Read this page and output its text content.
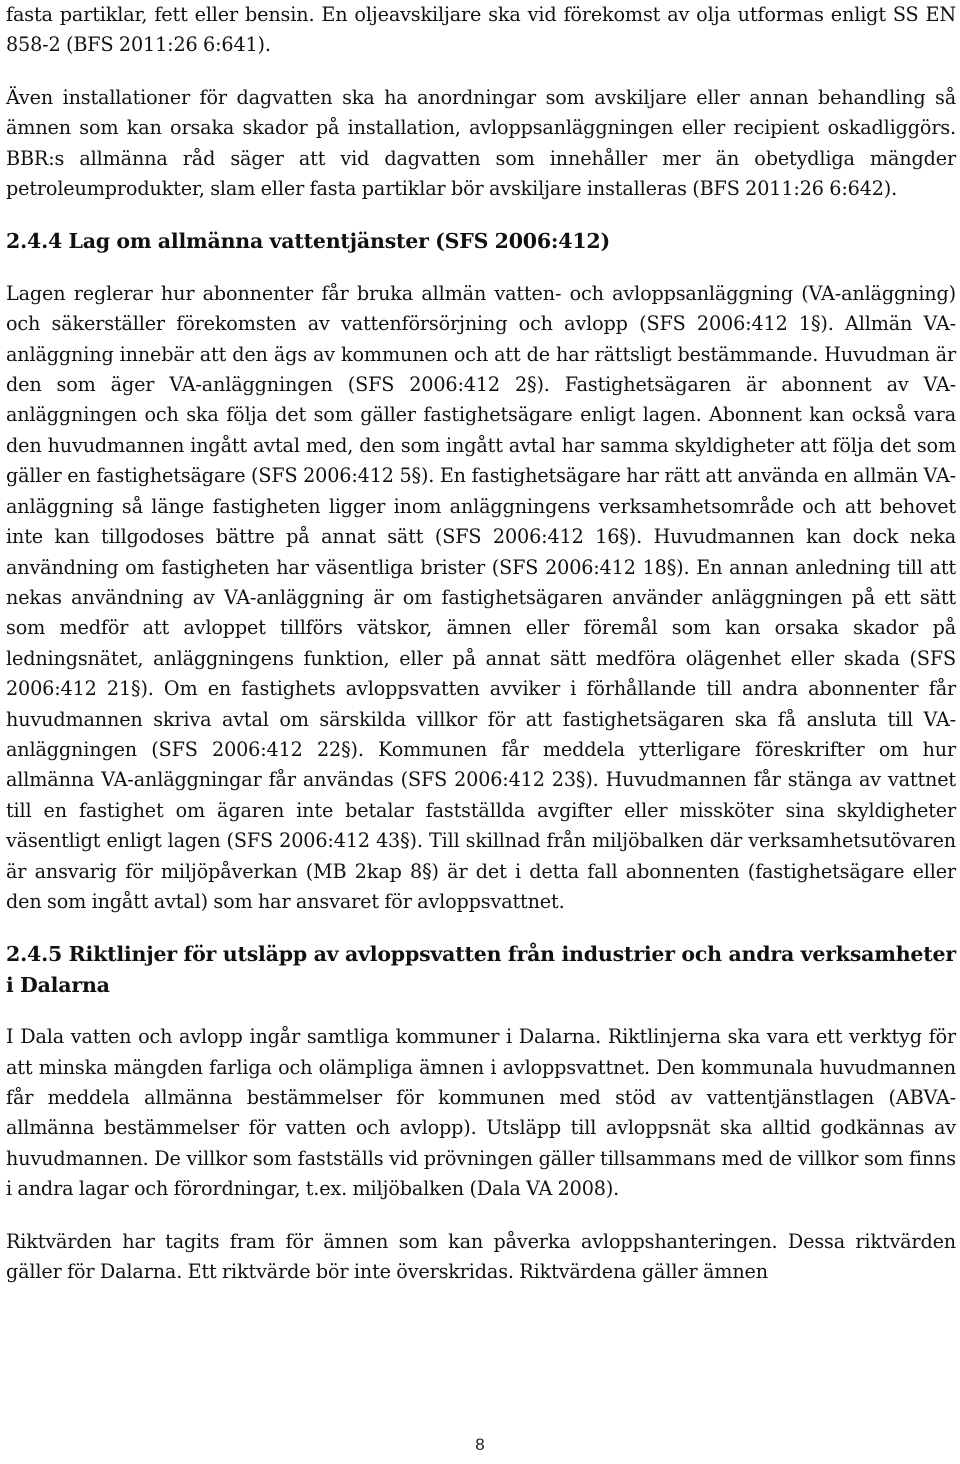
fasta partiklar, fett eller bensin. En oljeavskiljare ska vid förekomst av olja utformas enligt SS EN 858-2 (BFS 2011:26 6:641).

Även installationer för dagvatten ska ha anordningar som avskiljare eller annan behandling så ämnen som kan orsaka skador på installation, avloppsanläggningen eller recipient oskadliggörs. BBR:s allmänna råd säger att vid dagvatten som innehåller mer än obetydliga mängder petroleumprodukter, slam eller fasta partiklar bör avskiljare installeras (BFS 2011:26 6:642).

2.4.4 Lag om allmänna vattentjänster (SFS 2006:412)

Lagen reglerar hur abonnenter får bruka allmän vatten- och avloppsanläggning (VA-anläggning) och säkerställer förekomsten av vattenförsörjning och avlopp (SFS 2006:412 1§). Allmän VA-anläggning innebär att den ägs av kommunen och att de har rättsligt bestämmande. Huvudman är den som äger VA-anläggningen (SFS 2006:412 2§). Fastighetsägaren är abonnent av VA-anläggningen och ska följa det som gäller fastighetsägare enligt lagen. Abonnent kan också vara den huvudmannen ingått avtal med, den som ingått avtal har samma skyldigheter att följa det som gäller en fastighetsägare (SFS 2006:412 5§). En fastighetsägare har rätt att använda en allmän VA-anläggning så länge fastigheten ligger inom anläggningens verksamhetsområde och att behovet inte kan tillgodoses bättre på annat sätt (SFS 2006:412 16§). Huvudmannen kan dock neka användning om fastigheten har väsentliga brister (SFS 2006:412 18§). En annan anledning till att nekas användning av VA-anläggning är om fastighetsägaren använder anläggningen på ett sätt som medför att avloppet tillförs vätskor, ämnen eller föremål som kan orsaka skador på ledningsnätet, anläggningens funktion, eller på annat sätt medföra olägenhet eller skada (SFS 2006:412 21§). Om en fastighets avloppsvatten avviker i förhållande till andra abonnenter får huvudmannen skriva avtal om särskilda villkor för att fastighetsägaren ska få ansluta till VA-anläggningen (SFS 2006:412 22§). Kommunen får meddela ytterligare föreskrifter om hur allmänna VA-anläggningar får användas (SFS 2006:412 23§). Huvudmannen får stänga av vattnet till en fastighet om ägaren inte betalar fastställda avgifter eller missköter sina skyldigheter väsentligt enligt lagen (SFS 2006:412 43§). Till skillnad från miljöbalken där verksamhetsutövaren är ansvarig för miljöpåverkan (MB 2kap 8§) är det i detta fall abonnenten (fastighetsägare eller den som ingått avtal) som har ansvaret för avloppsvattnet.

2.4.5 Riktlinjer för utsläpp av avloppsvatten från industrier och andra verksamheter i Dalarna

I Dala vatten och avlopp ingår samtliga kommuner i Dalarna. Riktlinjerna ska vara ett verktyg för att minska mängden farliga och olämpliga ämnen i avloppsvattnet. Den kommunala huvudmannen får meddela allmänna bestämmelser för kommunen med stöd av vattentjänstlagen (ABVA- allmänna bestämmelser för vatten och avlopp). Utsläpp till avloppsnät ska alltid godkännas av huvudmannen. De villkor som fastställs vid prövningen gäller tillsammans med de villkor som finns i andra lagar och förordningar, t.ex. miljöbalken (Dala VA 2008).

Riktvärden har tagits fram för ämnen som kan påverka avloppshanteringen. Dessa riktvärden gäller för Dalarna. Ett riktvärde bör inte överskridas. Riktvärdena gäller ämnen

8
